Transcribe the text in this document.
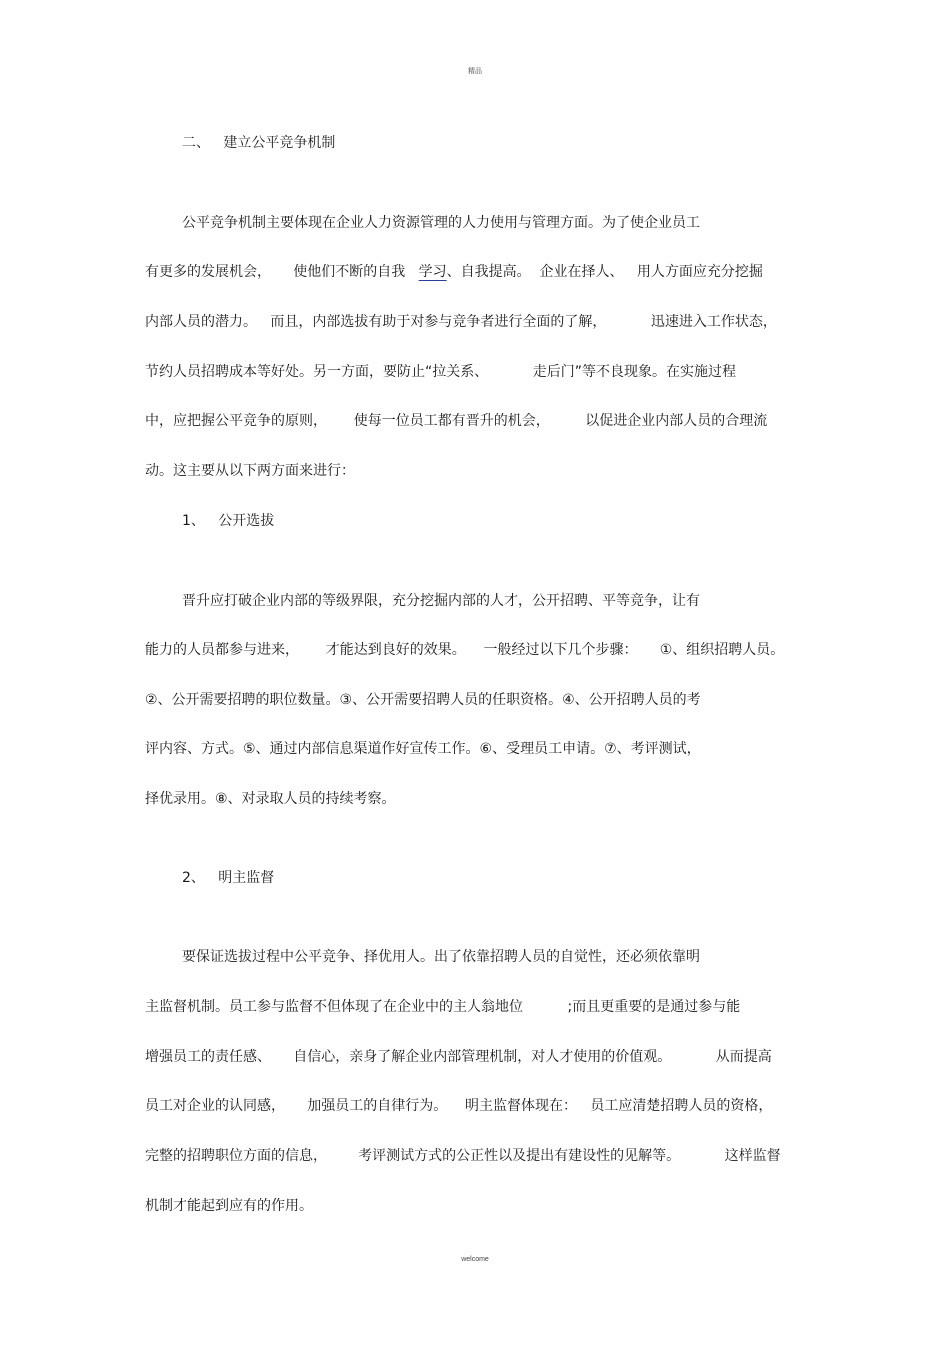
精品
二、   建立公平竞争机制
公平竞争机制主要体现在企业人力资源管理的人力使用与管理方面。为了使企业员工
有更多的发展机会，     使他们不断的自我   学习、自我提高。  企业在择人、   用人方面应充分挖掘
内部人员的潜力。   而且，内部选拔有助于对参与竞争者进行全面的了解，          迅速进入工作状态，
节约人员招聘成本等好处。另一方面，要防止“拉关系、          走后门”等不良现象。在实施过程
中，应把握公平竞争的原则，      使每一位员工都有晋升的机会，        以促进企业内部人员的合理流
动。这主要从以下两方面来进行：
1、   公开选拔
晋升应打破企业内部的等级界限，充分挖掘内部的人才，公开招聘、平等竞争，让有
能力的人员都参与进来，      才能达到良好的效果。    一般经过以下几个步骤：     ①、组织招聘人员。
②、公开需要招聘的职位数量。③、公开需要招聘人员的任职资格。④、公开招聘人员的考
评内容、方式。⑤、通过内部信息渠道作好宣传工作。⑥、受理员工申请。⑦、考评测试，
择优录用。⑧、对录取人员的持续考察。
2、   明主监督
要保证选拔过程中公平竞争、择优用人。出了依靠招聘人员的自觉性，还必须依靠明
主监督机制。员工参与监督不但体现了在企业中的主人翁地位          ;而且更重要的是通过参与能
增强员工的责任感、     自信心，亲身了解企业内部管理机制，对人才使用的价值观。          从而提高
员工对企业的认同感，     加强员工的自律行为。    明主监督体现在：   员工应清楚招聘人员的资格，
完整的招聘职位方面的信息，       考评测试方式的公正性以及提出有建设性的见解等。          这样监督
机制才能起到应有的作用。
welcome
